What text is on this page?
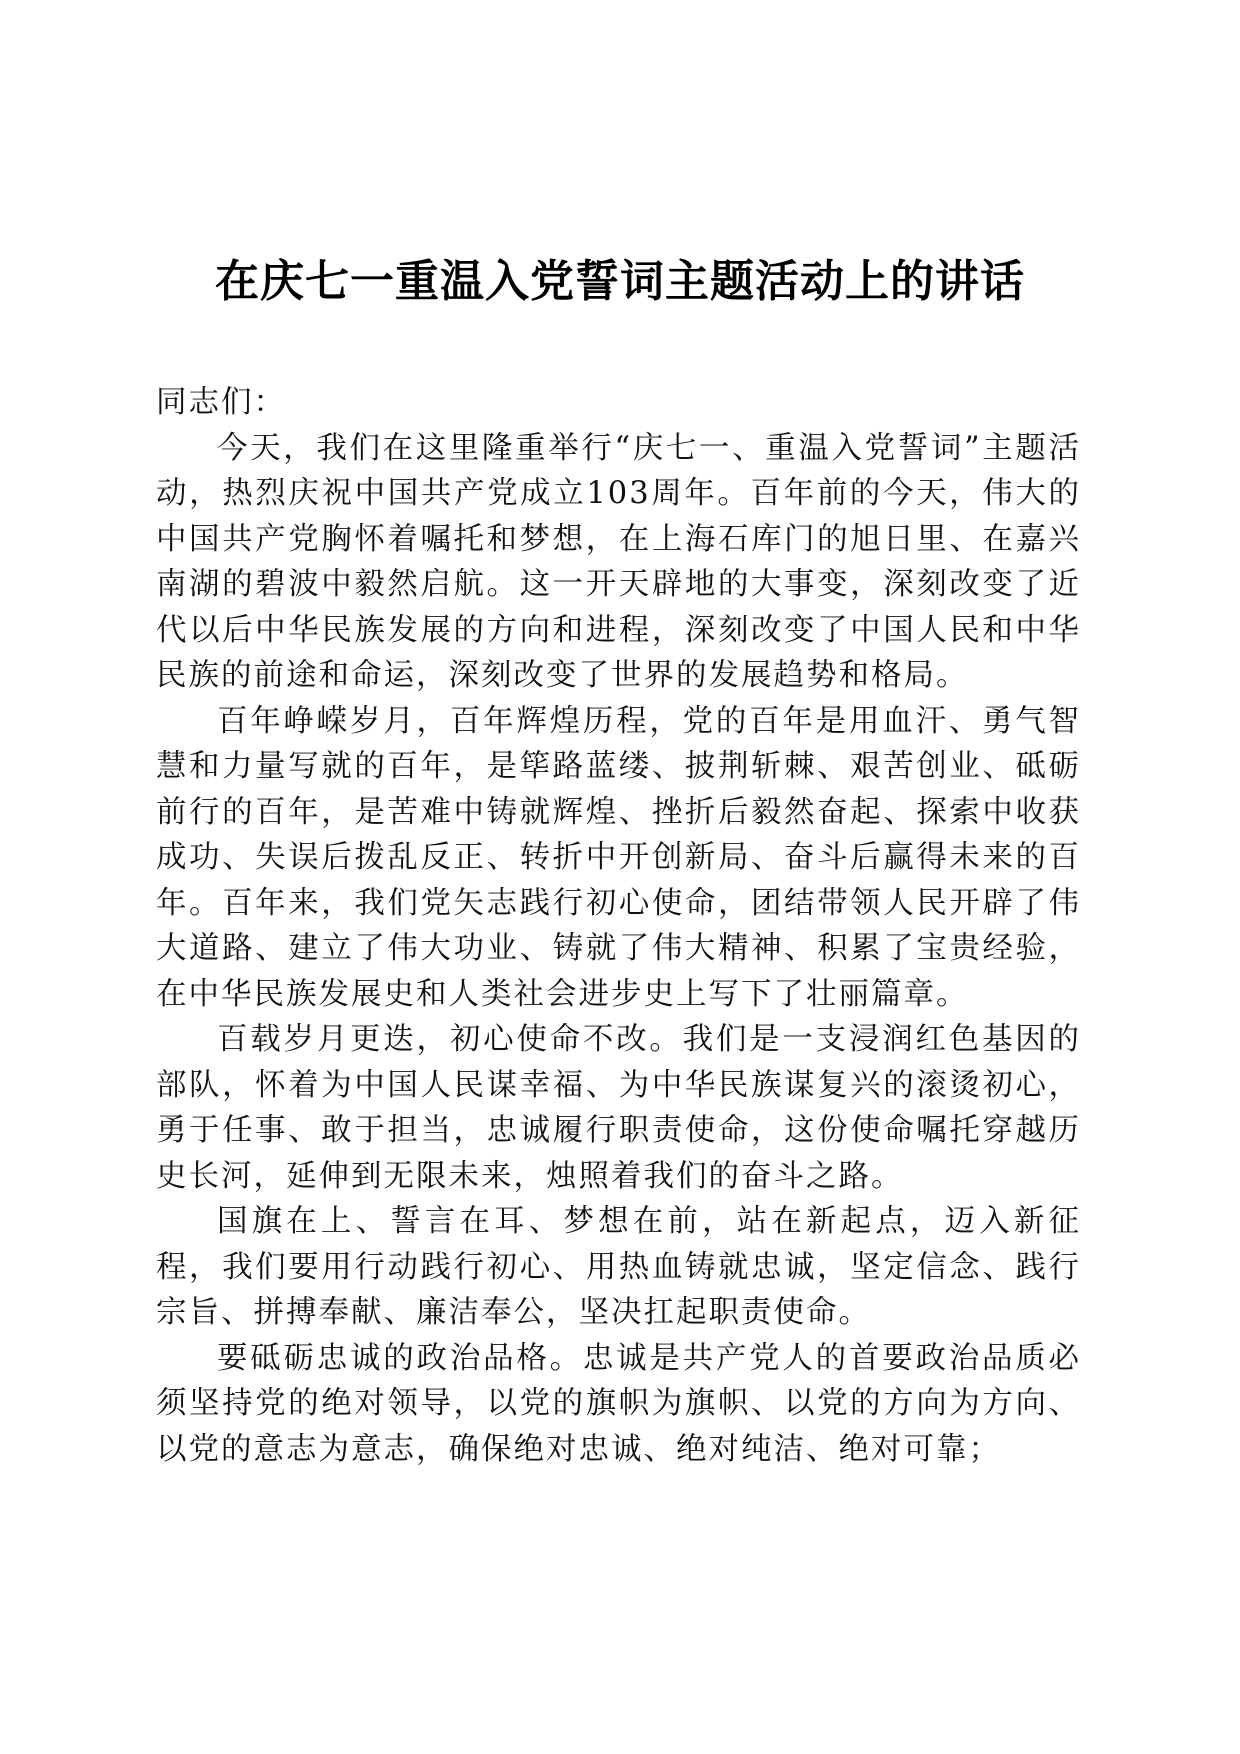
在庆七一重温入党誓词主题活动上的讲话

同志们：

今天，我们在这里隆重举行“庆七一、重温入党誓词”主题活动，热烈庆祝中国共产党成立103周年。百年前的今天，伟大的中国共产党胸怀着嘱托和梦想，在上海石库门的旭日里、在嘉兴南湖的碧波中毅然启航。这一开天辟地的大事变，深刻改变了近代以后中华民族发展的方向和进程，深刻改变了中国人民和中华民族的前途和命运，深刻改变了世界的发展趋势和格局。

百年峥嵘岁月，百年辉煌历程，党的百年是用血汗、勇气智慧和力量写就的百年，是筚路蓝缕、披荆斩棘、艰苦创业、砥砺前行的百年，是苦难中铸就辉煌、挫折后毅然奋起、探索中收获成功、失误后拨乱反正、转折中开创新局、奋斗后赢得未来的百年。百年来，我们党矢志践行初心使命，团结带领人民开辟了伟大道路、建立了伟大功业、铸就了伟大精神、积累了宝贵经验，在中华民族发展史和人类社会进步史上写下了壮丽篇章。

百载岁月更迭，初心使命不改。我们是一支浸润红色基因的部队，怀着为中国人民谋幸福、为中华民族谋复兴的滚烫初心，勇于任事、敢于担当，忠诚履行职责使命，这份使命嘱托穿越历史长河，延伸到无限未来，烛照着我们的奋斗之路。

国旗在上、誓言在耳、梦想在前，站在新起点，迈入新征程，我们要用行动践行初心、用热血铸就忠诚，坚定信念、践行宗旨、拼搏奉献、廉洁奉公，坚决扛起职责使命。

要砥砺忠诚的政治品格。忠诚是共产党人的首要政治品质必须坚持党的绝对领导，以党的旗帜为旗帜、以党的方向为方向、以党的意志为意志，确保绝对忠诚、绝对纯洁、绝对可靠；
